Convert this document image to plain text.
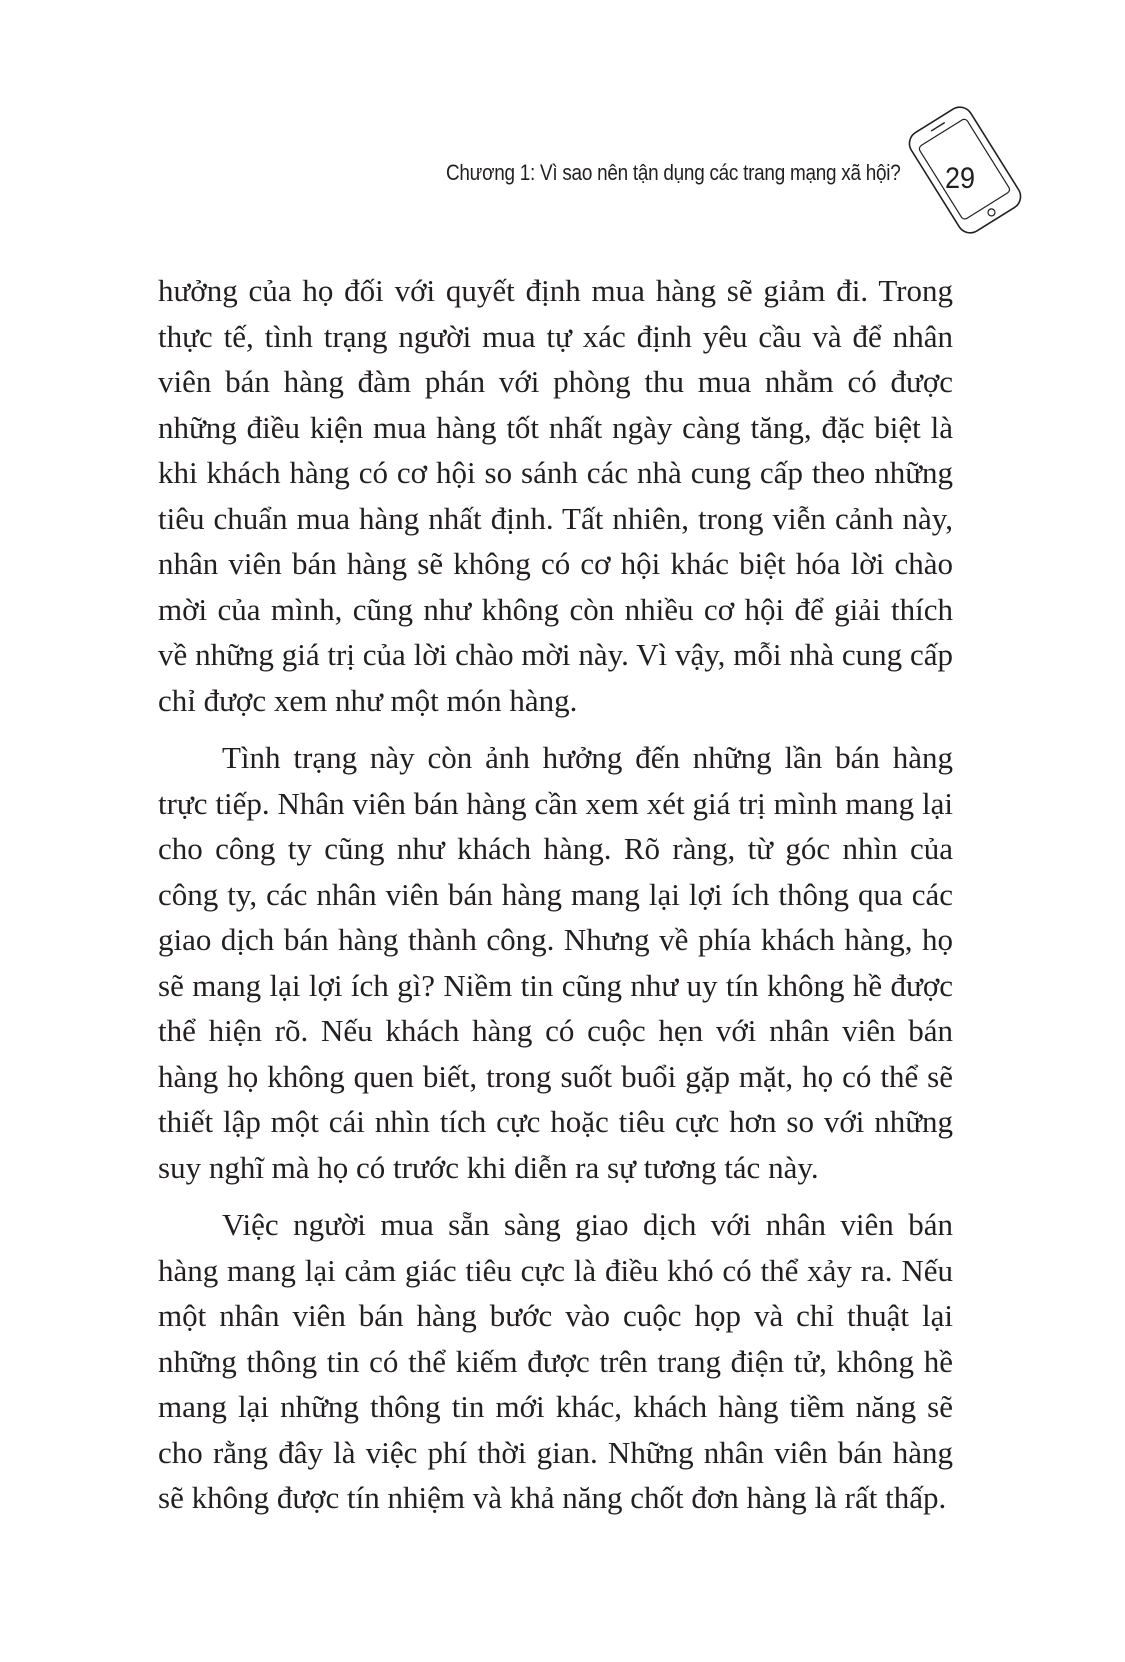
Chương 1: Vì sao nên tận dụng các trang mạng xã hội? 29

hưởng của họ đối với quyết định mua hàng sẽ giảm đi. Trong thực tế, tình trạng người mua tự xác định yêu cầu và để nhân viên bán hàng đàm phán với phòng thu mua nhằm có được những điều kiện mua hàng tốt nhất ngày càng tăng, đặc biệt là khi khách hàng có cơ hội so sánh các nhà cung cấp theo những tiêu chuẩn mua hàng nhất định. Tất nhiên, trong viễn cảnh này, nhân viên bán hàng sẽ không có cơ hội khác biệt hóa lời chào mời của mình, cũng như không còn nhiều cơ hội để giải thích về những giá trị của lời chào mời này. Vì vậy, mỗi nhà cung cấp chỉ được xem như một món hàng.

Tình trạng này còn ảnh hưởng đến những lần bán hàng trực tiếp. Nhân viên bán hàng cần xem xét giá trị mình mang lại cho công ty cũng như khách hàng. Rõ ràng, từ góc nhìn của công ty, các nhân viên bán hàng mang lại lợi ích thông qua các giao dịch bán hàng thành công. Nhưng về phía khách hàng, họ sẽ mang lại lợi ích gì? Niềm tin cũng như uy tín không hề được thể hiện rõ. Nếu khách hàng có cuộc hẹn với nhân viên bán hàng họ không quen biết, trong suốt buổi gặp mặt, họ có thể sẽ thiết lập một cái nhìn tích cực hoặc tiêu cực hơn so với những suy nghĩ mà họ có trước khi diễn ra sự tương tác này.

Việc người mua sẵn sàng giao dịch với nhân viên bán hàng mang lại cảm giác tiêu cực là điều khó có thể xảy ra. Nếu một nhân viên bán hàng bước vào cuộc họp và chỉ thuật lại những thông tin có thể kiếm được trên trang điện tử, không hề mang lại những thông tin mới khác, khách hàng tiềm năng sẽ cho rằng đây là việc phí thời gian. Những nhân viên bán hàng sẽ không được tín nhiệm và khả năng chốt đơn hàng là rất thấp.
